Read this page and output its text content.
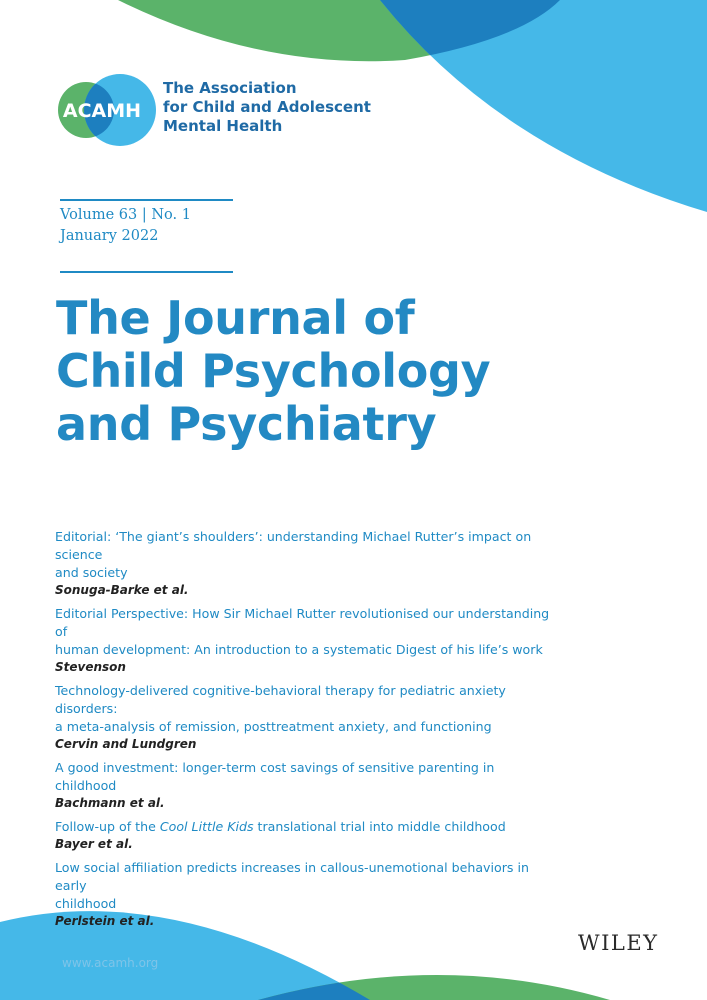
ACAMH
The Association
for Child and Adolescent
Mental Health
Volume 63 | No. 1
January 2022
The Journal of
Child Psychology
and Psychiatry
Editorial: ‘The giant’s shoulders’: understanding Michael Rutter’s impact on science
and society
Sonuga-Barke et al.
Editorial Perspective: How Sir Michael Rutter revolutionised our understanding of
human development: An introduction to a systematic Digest of his life’s work
Stevenson
Technology-delivered cognitive-behavioral therapy for pediatric anxiety disorders:
a meta-analysis of remission, posttreatment anxiety, and functioning
Cervin and Lundgren
A good investment: longer-term cost savings of sensitive parenting in childhood
Bachmann et al.
Follow-up of the Cool Little Kids translational trial into middle childhood
Bayer et al.
Low social affiliation predicts increases in callous-unemotional behaviors in early
childhood
Perlstein et al.
www.acamh.org
WILEY
